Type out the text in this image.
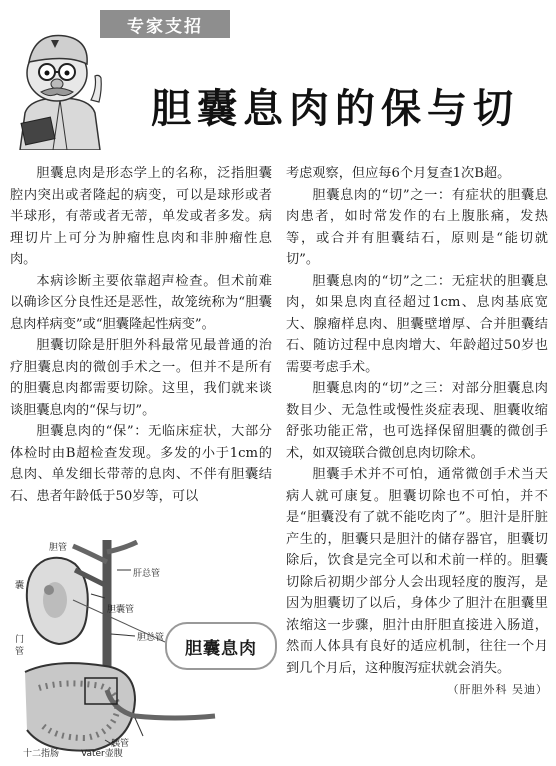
专家支招
胆囊息肉的保与切

胆囊息肉是形态学上的名称，泛指胆囊腔内突出或者隆起的病变，可以是球形或者半球形，有蒂或者无蒂，单发或者多发。病理切片上可分为肿瘤性息肉和非肿瘤性息肉。

本病诊断主要依靠超声检查。但术前难以确诊区分良性还是恶性，故笼统称为“胆囊息肉样病变”或“胆囊隆起性病变”。

胆囊切除是肝胆外科最常见最普通的治疗胆囊息肉的微创手术之一。但并不是所有的胆囊息肉都需要切除。这里，我们就来谈谈胆囊息肉的“保与切”。

胆囊息肉的“保”：无临床症状，大部分体检时由B超检查发现。多发的小于1cm的息肉、单发细长带蒂的息肉、不伴有胆囊结石、患者年龄低于50岁等，可以

考虑观察，但应每6个月复查1次B超。

胆囊息肉的“切”之一：有症状的胆囊息肉患者，如时常发作的右上腹胀痛，发热等，或合并有胆囊结石，原则是“能切就切”。

胆囊息肉的“切”之二：无症状的胆囊息肉，如果息肉直径超过1cm、息肉基底宽大、腺瘤样息肉、胆囊壁增厚、合并胆囊结石、随访过程中息肉增大、年龄超过50岁也需要考虑手术。

胆囊息肉的“切”之三：对部分胆囊息肉数目少、无急性或慢性炎症表现、胆囊收缩舒张功能正常，也可选择保留胆囊的微创手术，如双镜联合微创息肉切除术。

胆囊手术并不可怕，通常微创手术当天病人就可康复。胆囊切除也不可怕，并不是“胆囊没有了就不能吃肉了”。胆汁是肝脏产生的，胆囊只是胆汁的储存器官，胆囊切除后，饮食是完全可以和术前一样的。胆囊切除后初期少部分人会出现轻度的腹泻，是因为胆囊切了以后，身体少了胆汁在胆囊里浓缩这一步骤，胆汁由肝胆直接进入肠道，然而人体具有良好的适应机制，往往一个月到几个月后，这种腹泻症状就会消失。
（肝胆外科 吴迪）

胆管
肝总管
囊
胆囊管
门	胆总管
管
胰管
十二指肠 Vater壶腹
胆囊息肉
